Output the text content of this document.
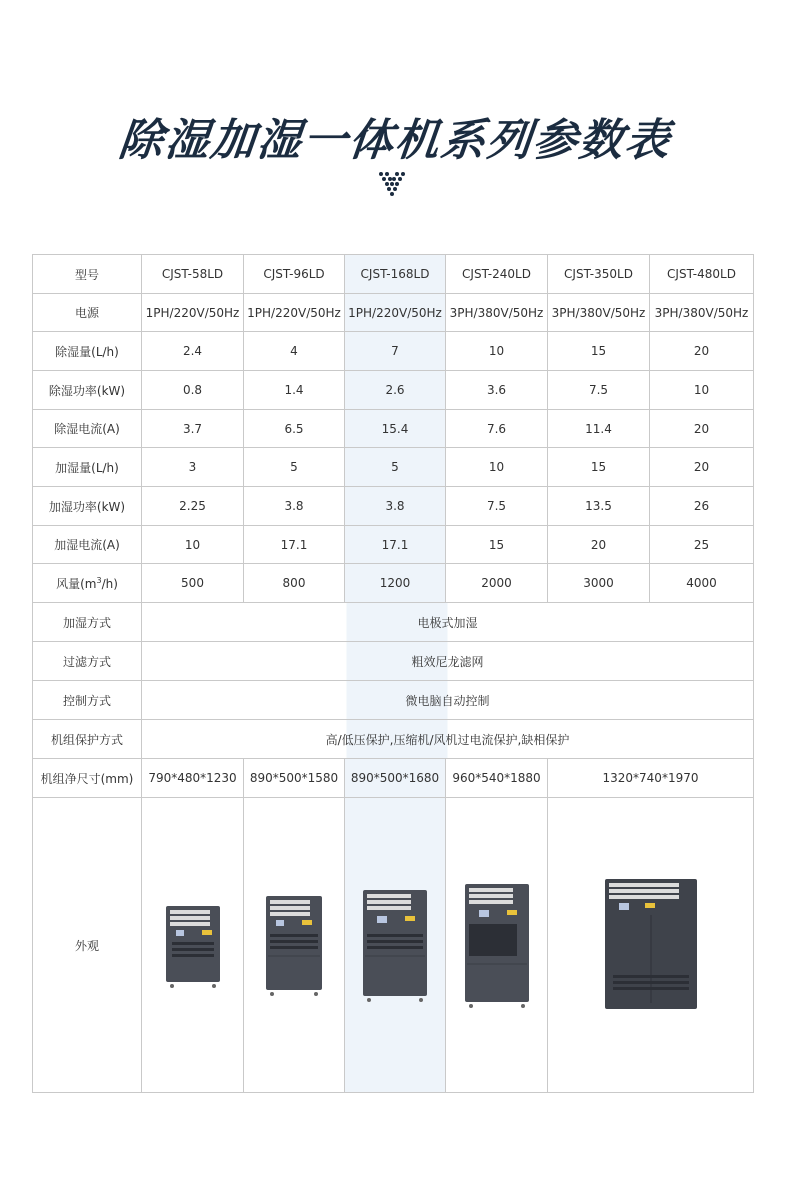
除湿加湿一体机系列参数表
型号	CJST-58LD	CJST-96LD	CJST-168LD	CJST-240LD	CJST-350LD	CJST-480LD
电源	1PH/220V/50Hz	1PH/220V/50Hz	1PH/220V/50Hz	3PH/380V/50Hz	3PH/380V/50Hz	3PH/380V/50Hz
除湿量(L/h)	2.4	4	7	10	15	20
除湿功率(kW)	0.8	1.4	2.6	3.6	7.5	10
除湿电流(A)	3.7	6.5	15.4	7.6	11.4	20
加湿量(L/h)	3	5	5	10	15	20
加湿功率(kW)	2.25	3.8	3.8	7.5	13.5	26
加湿电流(A)	10	17.1	17.1	15	20	25
风量$(m^3/h)$	500	800	1200	2000	3000	4000
加湿方式	电极式加湿					
过滤方式	粗效尼龙滤网					
控制方式	微电脑自动控制					
机组保护方式	高/低压保护,压缩机/风机过电流保护,缺相保护					
机组净尺寸(mm)	790*480*1230	890*500*1580	890*500*1680	960*540*1880	1320*740*1970	
外观	
